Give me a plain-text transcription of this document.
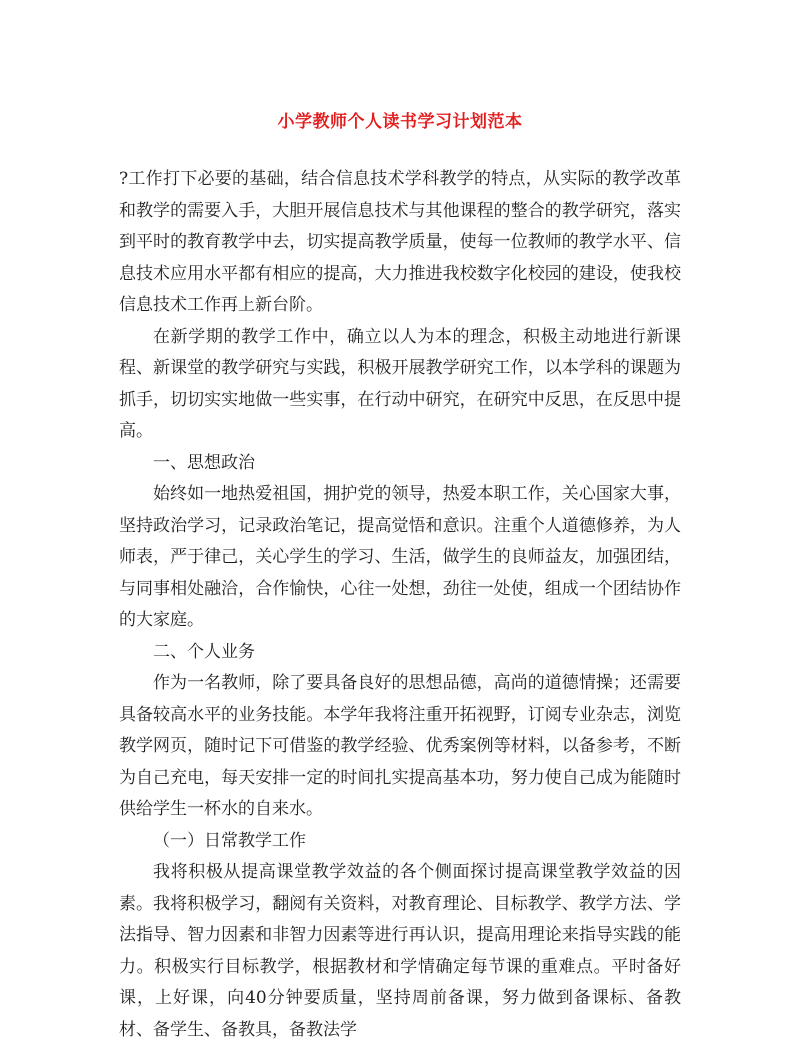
小学教师个人读书学习计划范本

?工作打下必要的基础，结合信息技术学科教学的特点，从实际的教学改革和教学的需要入手，大胆开展信息技术与其他课程的整合的教学研究，落实到平时的教育教学中去，切实提高教学质量，使每一位教师的教学水平、信息技术应用水平都有相应的提高，大力推进我校数字化校园的建设，使我校信息技术工作再上新台阶。

在新学期的教学工作中，确立以人为本的理念，积极主动地进行新课程、新课堂的教学研究与实践，积极开展教学研究工作，以本学科的课题为抓手，切切实实地做一些实事，在行动中研究，在研究中反思，在反思中提高。

一、思想政治

始终如一地热爱祖国，拥护党的领导，热爱本职工作，关心国家大事，坚持政治学习，记录政治笔记，提高觉悟和意识。注重个人道德修养，为人师表，严于律己，关心学生的学习、生活，做学生的良师益友，加强团结，与同事相处融洽，合作愉快，心往一处想，劲往一处使，组成一个团结协作的大家庭。

二、个人业务

作为一名教师，除了要具备良好的思想品德，高尚的道德情操；还需要具备较高水平的业务技能。本学年我将注重开拓视野，订阅专业杂志，浏览教学网页，随时记下可借鉴的教学经验、优秀案例等材料，以备参考，不断为自己充电，每天安排一定的时间扎实提高基本功，努力使自己成为能随时供给学生一杯水的自来水。

（一）日常教学工作

我将积极从提高课堂教学效益的各个侧面探讨提高课堂教学效益的因素。我将积极学习，翻阅有关资料，对教育理论、目标教学、教学方法、学法指导、智力因素和非智力因素等进行再认识，提高用理论来指导实践的能力。积极实行目标教学，根据教材和学情确定每节课的重难点。平时备好课，上好课，向40分钟要质量，坚持周前备课，努力做到备课标、备教材、备学生、备教具，备教法学
